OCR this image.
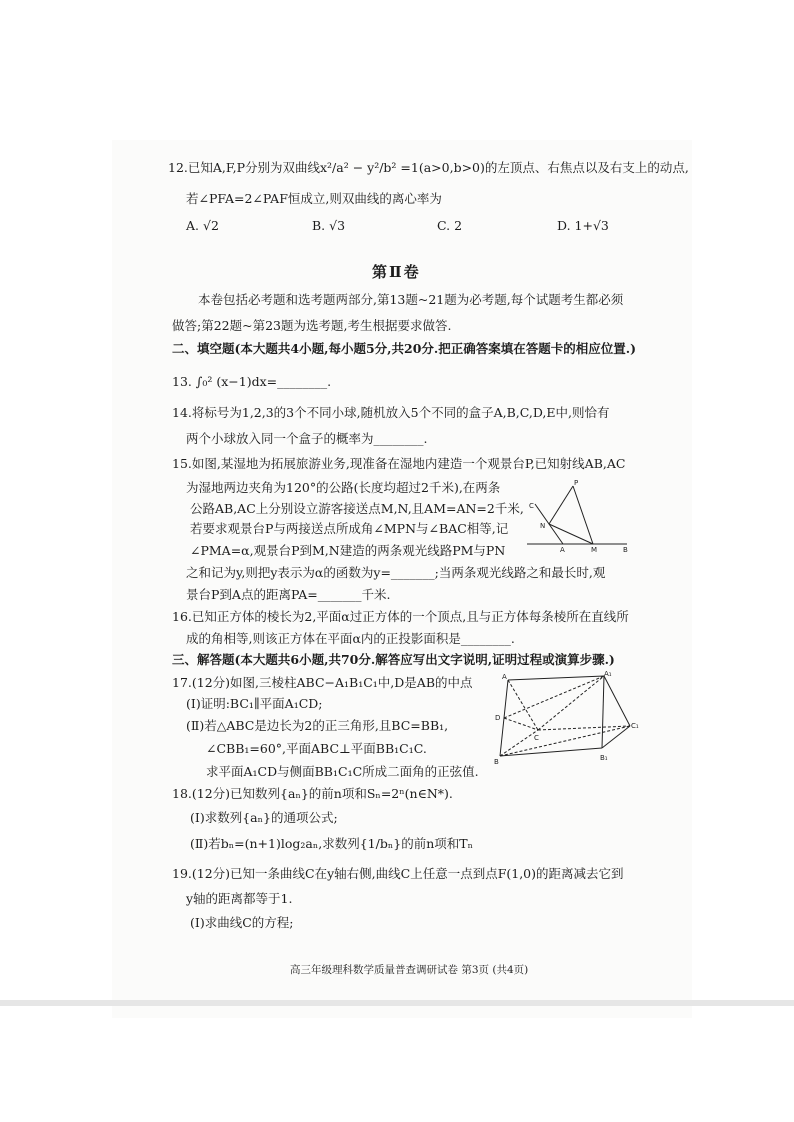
12.已知A,F,P分别为双曲线x²/a² − y²/b² =1(a>0,b>0)的左顶点、右焦点以及右支上的动点,
若∠PFA=2∠PAF恒成立,则双曲线的离心率为
A. √2	B. √3	C. 2	D. 1+√3
第Ⅱ卷
本卷包括必考题和选考题两部分,第13题~21题为必考题,每个试题考生都必须
做答;第22题~第23题为选考题,考生根据要求做答.
二、填空题(本大题共4小题,每小题5分,共20分.把正确答案填在答题卡的相应位置.)
13. ∫₀² (x−1)dx=________.
14.将标号为1,2,3的3个不同小球,随机放入5个不同的盒子A,B,C,D,E中,则恰有
两个小球放入同一个盒子的概率为________.
15.如图,某湿地为拓展旅游业务,现准备在湿地内建造一个观景台P,已知射线AB,AC
为湿地两边夹角为120°的公路(长度均超过2千米),在两条
公路AB,AC上分别设立游客接送点M,N,且AM=AN=2千米,
若要求观景台P与两接送点所成角∠MPN与∠BAC相等,记
∠PMA=α,观景台P到M,N建造的两条观光线路PM与PN
之和记为y,则把y表示为α的函数为y=_______;当两条观光线路之和最长时,观
景台P到A点的距离PA=_______千米.
P
C
N
A	M	B
16.已知正方体的棱长为2,平面α过正方体的一个顶点,且与正方体每条棱所在直线所
成的角相等,则该正方体在平面α内的正投影面积是________.
三、解答题(本大题共6小题,共70分.解答应写出文字说明,证明过程或演算步骤.)
17.(12分)如图,三棱柱ABC−A₁B₁C₁中,D是AB的中点
(Ⅰ)证明:BC₁∥平面A₁CD;
(Ⅱ)若△ABC是边长为2的正三角形,且BC=BB₁,
∠CBB₁=60°,平面ABC⊥平面BB₁C₁C.
求平面A₁CD与侧面BB₁C₁C所成二面角的正弦值.
A	A₁
D
C
C₁
B	B₁
18.(12分)已知数列{aₙ}的前n项和Sₙ=2ⁿ(n∈N*).
(Ⅰ)求数列{aₙ}的通项公式;
(Ⅱ)若bₙ=(n+1)log₂aₙ,求数列{1/bₙ}的前n项和Tₙ
19.(12分)已知一条曲线C在y轴右侧,曲线C上任意一点到点F(1,0)的距离减去它到
y轴的距离都等于1.
(Ⅰ)求曲线C的方程;
高三年级理科数学质量普查调研试卷 第3页 (共4页)
